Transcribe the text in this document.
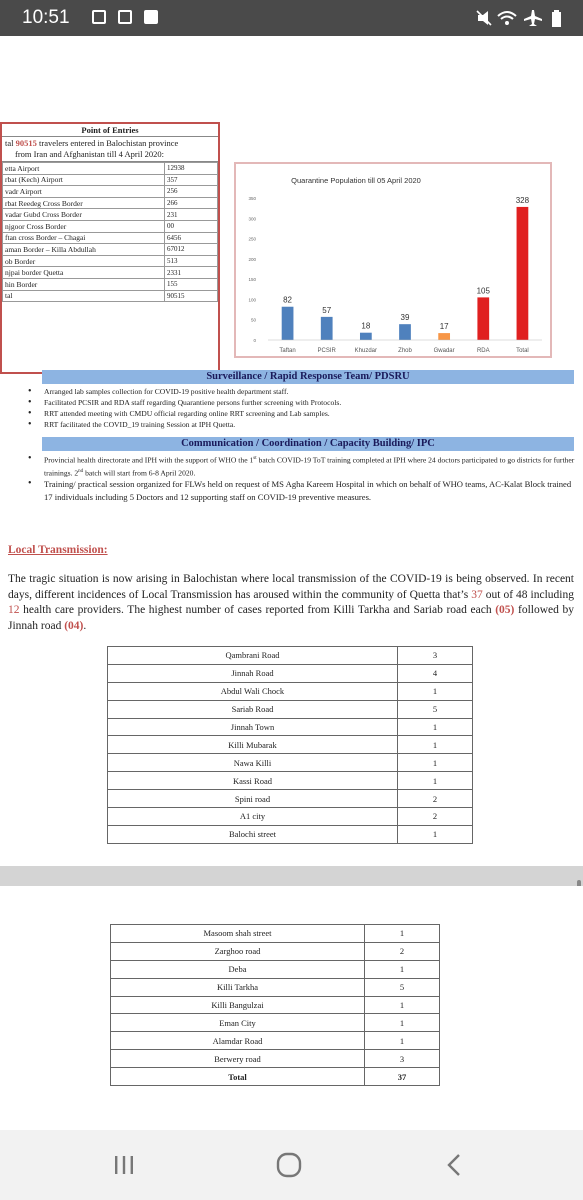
10:51
Point of Entries
tal 90515 travelers entered in Balochistan province
from Iran and Afghanistan till 4 April 2020:
etta Airport	12938
rbat (Kech) Airport	357
vadr Airport	256
rbat Reedeg Cross Border	266
vadar Gubd Cross Border	231
njgoor Cross Border	00
ftan cross Border – Chagai	6456
aman Border – Killa Abdullah	67012
ob Border	513
njpai border Quetta	2331
hin Border	155
tal	90515
Quarantine Population till 05 April 2020
0
50
100
150
200
250
300
350
82
57
18
39
17
105
328
Taftan	PCSIR	Khuzdar	Zhob	Gwadar	RDA	Total
Surveillance / Rapid Response Team/ PDSRU
• Arranged lab samples collection for COVID-19 positive health department staff.
• Facilitated PCSIR and RDA staff regarding Quarantiene persons further screening with Protocols.
• RRT attended meeting with CMDU official regarding online RRT screening and Lab samples.
• RRT facilitated the COVID_19 training Session at IPH Quetta.
Communication / Coordination / Capacity Building/ IPC
• Provincial health directorate and IPH with the support of WHO the 1st batch COVID-19 ToT training completed at IPH where 24 doctors participated to go districts for further trainings. 2nd batch will start from 6-8 April 2020.
• Training/ practical session organized for FLWs held on request of MS Agha Kareem Hospital in which on behalf of WHO teams, AC-Kalat Block trained 17 individuals including 5 Doctors and 12 supporting staff on COVID-19 preventive measures.
Local Transmission:
The tragic situation is now arising in Balochistan where local transmission of the COVID-19 is being observed. In recent days, different incidences of Local Transmission has aroused within the community of Quetta that’s 37 out of 48 including 12 health care providers. The highest number of cases reported from Killi Tarkha and Sariab road each (05) followed by Jinnah road (04).
Qambrani Road	3
Jinnah Road	4
Abdul Wali Chock	1
Sariab Road	5
Jinnah Town	1
Killi Mubarak	1
Nawa Killi	1
Kassi Road	1
Spini road	2
A1 city	2
Balochi street	1
Masoom shah street	1
Zarghoo road	2
Deba	1
Killi Tarkha	5
Killi Bangulzai	1
Eman City	1
Alamdar Road	1
Berwery road	3
Total	37
